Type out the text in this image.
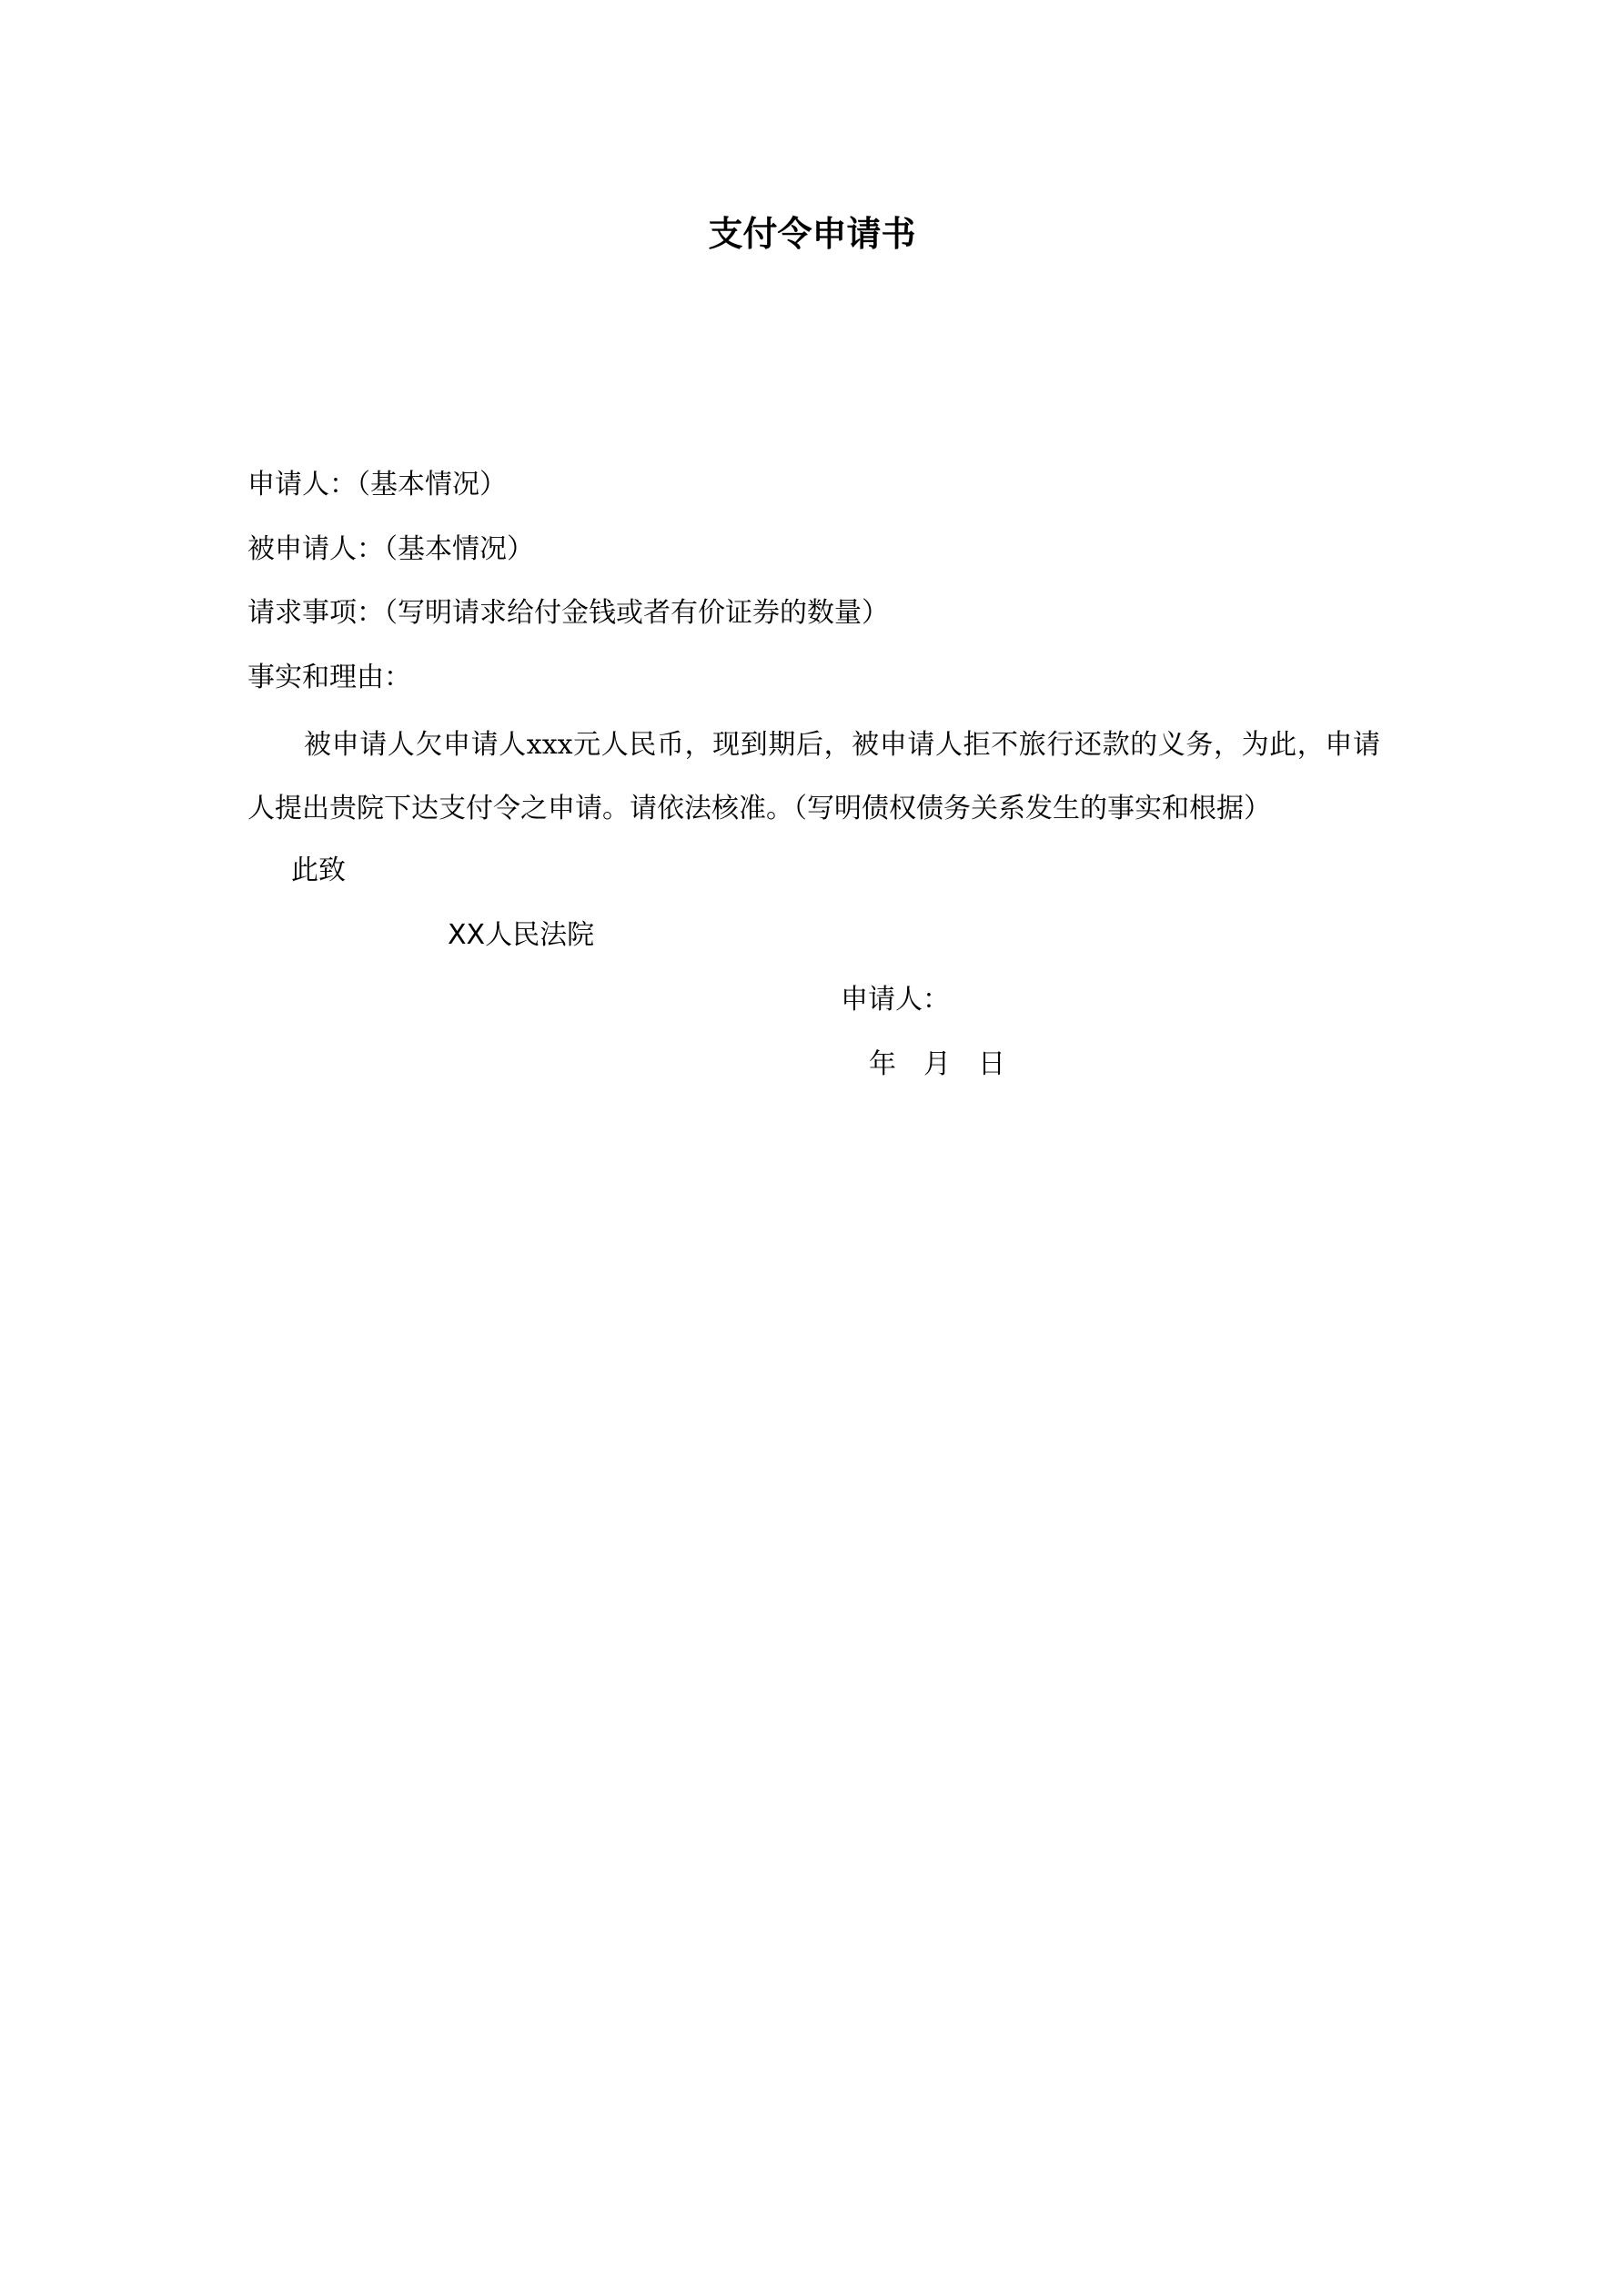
支付令申请书
申请人：（基本情况）
被申请人：（基本情况）
请求事项：（写明请求给付金钱或者有价证券的数量）
事实和理由：
被申请人欠申请人xxx元人民币，现到期后，被申请人拒不旅行还款的义务，为此，申请人提出贵院下达支付令之申请。请依法核准。（写明债权债务关系发生的事实和根据）
此致
XX人民法院
申请人：
年　月　日
